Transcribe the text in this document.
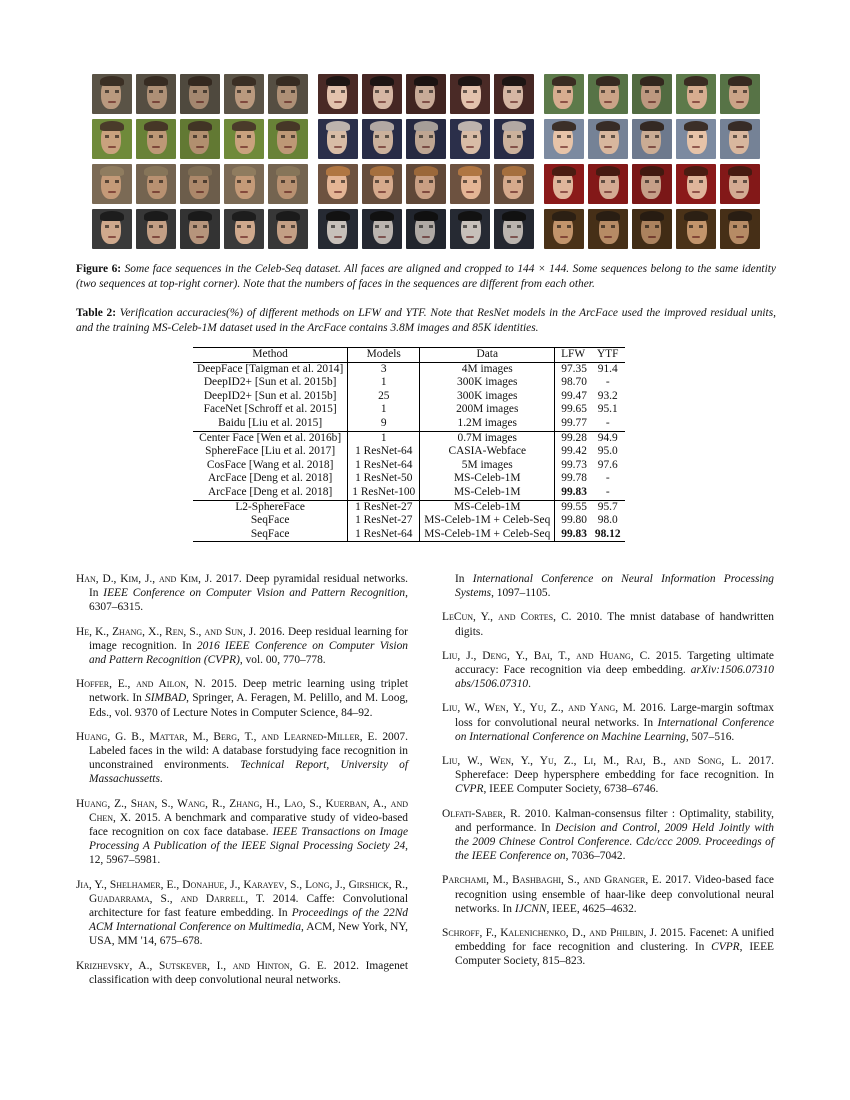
Figure 6: Some face sequences in the Celeb-Seq dataset. All faces are aligned and cropped to 144 × 144. Some sequences belong to the same identity (two sequences at top-right corner). Note that the numbers of faces in the sequences are different from each other.
Table 2: Verification accuracies(%) of different methods on LFW and YTF. Note that ResNet models in the ArcFace used the improved residual units, and the training MS-Celeb-1M dataset used in the ArcFace contains 3.8M images and 85K identities.
Method	Models	Data	LFW	YTF
DeepFace [Taigman et al. 2014]	3	4M images	97.35	91.4
DeepID2+ [Sun et al. 2015b]	1	300K images	98.70	-
DeepID2+ [Sun et al. 2015b]	25	300K images	99.47	93.2
FaceNet [Schroff et al. 2015]	1	200M images	99.65	95.1
Baidu [Liu et al. 2015]	9	1.2M images	99.77	-
Center Face [Wen et al. 2016b]	1	0.7M images	99.28	94.9
SphereFace [Liu et al. 2017]	1 ResNet-64	CASIA-Webface	99.42	95.0
CosFace [Wang et al. 2018]	1 ResNet-64	5M images	99.73	97.6
ArcFace [Deng et al. 2018]	1 ResNet-50	MS-Celeb-1M	99.78	-
ArcFace [Deng et al. 2018]	1 ResNet-100	MS-Celeb-1M	99.83	-
L2-SphereFace	1 ResNet-27	MS-Celeb-1M	99.55	95.7
SeqFace	1 ResNet-27	MS-Celeb-1M + Celeb-Seq	99.80	98.0
SeqFace	1 ResNet-64	MS-Celeb-1M + Celeb-Seq	99.83	98.12

Han, D., Kim, J., and Kim, J. 2017. Deep pyramidal residual networks. In IEEE Conference on Computer Vision and Pattern Recognition, 6307–6315.

He, K., Zhang, X., Ren, S., and Sun, J. 2016. Deep residual learning for image recognition. In 2016 IEEE Conference on Computer Vision and Pattern Recognition (CVPR), vol. 00, 770–778.

Hoffer, E., and Ailon, N. 2015. Deep metric learning using triplet network. In SIMBAD, Springer, A. Feragen, M. Pelillo, and M. Loog, Eds., vol. 9370 of Lecture Notes in Computer Science, 84–92.

Huang, G. B., Mattar, M., Berg, T., and Learned-Miller, E. 2007. Labeled faces in the wild: A database forstudying face recognition in unconstrained environments. Technical Report, University of Massachussetts.

Huang, Z., Shan, S., Wang, R., Zhang, H., Lao, S., Kuerban, A., and Chen, X. 2015. A benchmark and comparative study of video-based face recognition on cox face database. IEEE Transactions on Image Processing A Publication of the IEEE Signal Processing Society 24, 12, 5967–5981.

Jia, Y., Shelhamer, E., Donahue, J., Karayev, S., Long, J., Girshick, R., Guadarrama, S., and Darrell, T. 2014. Caffe: Convolutional architecture for fast feature embedding. In Proceedings of the 22Nd ACM International Conference on Multimedia, ACM, New York, NY, USA, MM '14, 675–678.

Krizhevsky, A., Sutskever, I., and Hinton, G. E. 2012. Imagenet classification with deep convolutional neural networks.

In International Conference on Neural Information Processing Systems, 1097–1105.

LeCun, Y., and Cortes, C. 2010. The mnist database of handwritten digits.

Liu, J., Deng, Y., Bai, T., and Huang, C. 2015. Targeting ultimate accuracy: Face recognition via deep embedding. arXiv:1506.07310 abs/1506.07310.

Liu, W., Wen, Y., Yu, Z., and Yang, M. 2016. Large-margin softmax loss for convolutional neural networks. In International Conference on International Conference on Machine Learning, 507–516.

Liu, W., Wen, Y., Yu, Z., Li, M., Raj, B., and Song, L. 2017. Sphereface: Deep hypersphere embedding for face recognition. In CVPR, IEEE Computer Society, 6738–6746.

Olfati-Saber, R. 2010. Kalman-consensus filter : Optimality, stability, and performance. In Decision and Control, 2009 Held Jointly with the 2009 Chinese Control Conference. Cdc/ccc 2009. Proceedings of the IEEE Conference on, 7036–7042.

Parchami, M., Bashbaghi, S., and Granger, E. 2017. Video-based face recognition using ensemble of haar-like deep convolutional neural networks. In IJCNN, IEEE, 4625–4632.

Schroff, F., Kalenichenko, D., and Philbin, J. 2015. Facenet: A unified embedding for face recognition and clustering. In CVPR, IEEE Computer Society, 815–823.
